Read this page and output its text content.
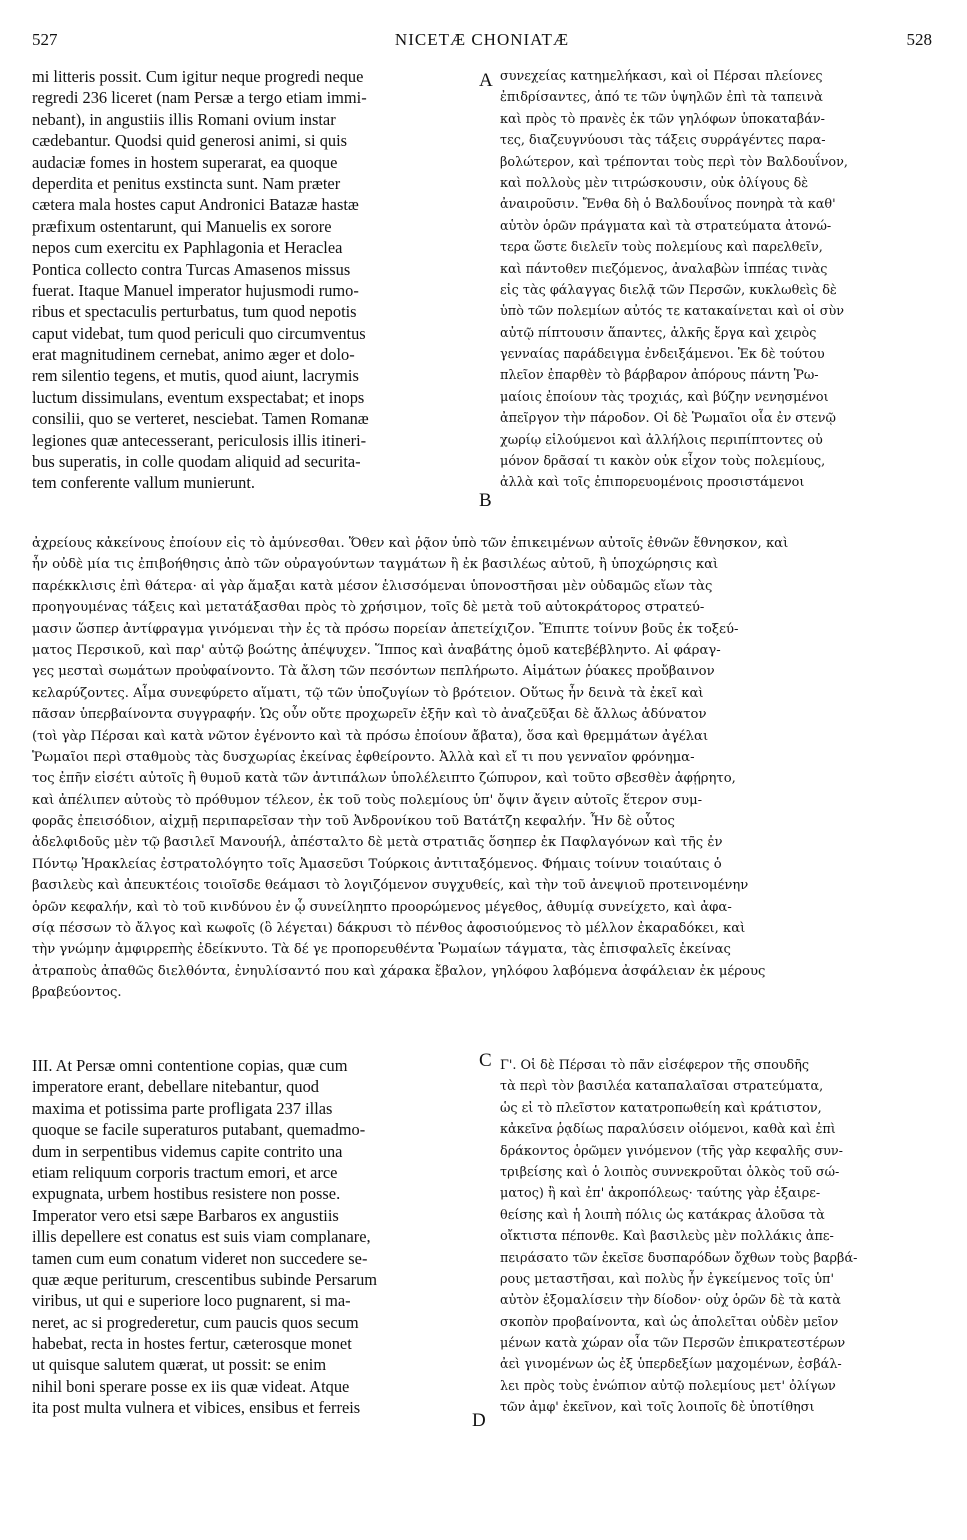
527	NICETÆ CHONIATÆ	528
A
B
C
D
mi litteris possit. Cum igitur neque progredi neque
regredi 236 liceret (nam Persæ a tergo etiam immi-
nebant), in angustiis illis Romani ovium instar
cædebantur. Quodsi quid generosi animi, si quis
audaciæ fomes in hostem superarat, ea quoque
deperdita et penitus exstincta sunt. Nam præter
cætera mala hostes caput Andronici Batazæ hastæ
præfixum ostentarunt, qui Manuelis ex sorore
nepos cum exercitu ex Paphlagonia et Heraclea
Pontica collecto contra Turcas Amasenos missus
fuerat. Itaque Manuel imperator hujusmodi rumo-
ribus et spectaculis perturbatus, tum quod nepotis
caput videbat, tum quod periculi quo circumventus
erat magnitudinem cernebat, animo æger et dolo-
rem silentio tegens, et mutis, quod aiunt, lacrymis
luctum dissimulans, eventum exspectabat; et inops
consilii, quo se verteret, nesciebat. Tamen Romanæ
legiones quæ antecesserant, periculosis illis itineri-
bus superatis, in colle quodam aliquid ad securita-
tem conferente vallum munierunt.
συνεχείας κατημελήκασι, καὶ οἱ Πέρσαι πλείονες
ἐπιδρίσαντες, ἀπό τε τῶν ὑψηλῶν ἐπὶ τὰ ταπεινὰ
καὶ πρὸς τὸ πρανὲς ἐκ τῶν γηλόφων ὑποκαταβάν-
τες, διαζευγνύουσι τὰς τάξεις συρράγέντες παρα-
βολώτερον, καὶ τρέπονται τοὺς περὶ τὸν Βαλδουΐνον,
καὶ πολλοὺς μὲν τιτρώσκουσιν, οὐκ ὀλίγους δὲ
ἀναιροῦσιν. Ἔνθα δὴ ὁ Βαλδουΐνος πονηρὰ τὰ καθ'
αὑτὸν ὁρῶν πράγματα καὶ τὰ στρατεύματα ἀτονώ-
τερα ὥστε διελεῖν τοὺς πολεμίους καὶ παρελθεῖν,
καὶ πάντοθεν πιεζόμενος, ἀναλαβὼν ἱππέας τινὰς
εἰς τὰς φάλαγγας διελᾷ τῶν Περσῶν, κυκλωθεὶς δὲ
ὑπὸ τῶν πολεμίων αὐτός τε κατακαίνεται καὶ οἱ σὺν
αὐτῷ πίπτουσιν ἅπαντες, ἀλκῆς ἔργα καὶ χειρὸς
γενναίας παράδειγμα ἐνδειξάμενοι. Ἐκ δὲ τούτου
πλεῖον ἐπαρθὲν τὸ βάρβαρον ἀπόρους πάντη Ῥω-
μαίοις ἐποίουν τὰς τροχιάς, καὶ βύζην νενησμένοι
ἀπεῖργον τὴν πάροδον. Οἱ δὲ Ῥωμαῖοι οἷα ἐν στενῷ
χωρίῳ εἱλούμενοι καὶ ἀλλήλοις περιπίπτοντες οὐ
μόνον δρᾶσαί τι κακὸν οὐκ εἶχον τοὺς πολεμίους,
ἀλλὰ καὶ τοῖς ἐπιπορευομένοις προσιστάμενοι
ἀχρείους κἀκείνους ἐποίουν εἰς τὸ ἀμύνεσθαι. Ὅθεν καὶ ῥᾷον ὑπὸ τῶν ἐπικειμένων αὐτοῖς ἐθνῶν ἔθνησκον, καὶ
ἦν οὐδὲ μία τις ἐπιβοήθησις ἀπὸ τῶν οὐραγούντων ταγμάτων ἢ ἐκ βασιλέως αὐτοῦ, ἢ ὑποχώρησις καὶ
παρέκκλισις ἐπὶ θάτερα· αἱ γὰρ ἅμαξαι κατὰ μέσον ἑλισσόμεναι ὑπονοστῆσαι μὲν οὐδαμῶς εἴων τὰς
προηγουμένας τάξεις καὶ μετατάξασθαι πρὸς τὸ χρήσιμον, τοῖς δὲ μετὰ τοῦ αὐτοκράτορος στρατεύ-
μασιν ὥσπερ ἀντίφραγμα γινόμεναι τὴν ἐς τὰ πρόσω πορείαν ἀπετείχιζον. Ἔπιπτε τοίνυν βοῦς ἐκ τοξεύ-
ματος Περσικοῦ, καὶ παρ' αὐτῷ βοώτης ἀπέψυχεν. Ἵππος καὶ ἀναβάτης ὁμοῦ κατεβέβληντο. Αἱ φάραγ-
γες μεσταὶ σωμάτων προὐφαίνοντο. Τὰ ἄλση τῶν πεσόντων πεπλήρωτο. Αἱμάτων ῥύακες προὔβαινον
κελαρύζοντες. Αἷμα συνεφύρετο αἵματι, τῷ τῶν ὑποζυγίων τὸ βρότειον. Οὕτως ἦν δεινὰ τὰ ἐκεῖ καὶ
πᾶσαν ὑπερβαίνοντα συγγραφήν. Ὡς οὖν οὔτε προχωρεῖν ἐξῆν καὶ τὸ ἀναζεῦξαι δὲ ἄλλως ἀδύνατον
(τοὶ γὰρ Πέρσαι καὶ κατὰ νῶτον ἐγένοντο καὶ τὰ πρόσω ἐποίουν ἄβατα), ὅσα καὶ θρεμμάτων ἀγέλαι
Ῥωμαῖοι περὶ σταθμοὺς τὰς δυσχωρίας ἐκείνας ἐφθείροντο. Ἀλλὰ καὶ εἴ τι που γενναῖον φρόνημα-
τος ἐπῆν εἰσέτι αὐτοῖς ἢ θυμοῦ κατὰ τῶν ἀντιπάλων ὑπολέλειπτο ζώπυρον, καὶ τοῦτο σβεσθὲν ἀφῄρητο,
καὶ ἀπέλιπεν αὐτοὺς τὸ πρόθυμον τέλεον, ἐκ τοῦ τοὺς πολεμίους ὑπ' ὄψιν ἄγειν αὐτοῖς ἕτερον συμ-
φορᾶς ἐπεισόδιον, αἰχμῇ περιπαρεῖσαν τὴν τοῦ Ἀνδρονίκου τοῦ Βατάτζη κεφαλήν. Ἦν δὲ οὗτος
ἀδελφιδοῦς μὲν τῷ βασιλεῖ Μανουήλ, ἀπέσταλτο δὲ μετὰ στρατιᾶς ὅσηπερ ἐκ Παφλαγόνων καὶ τῆς ἐν
Πόντῳ Ἡρακλείας ἐστρατολόγητο τοῖς Ἀμασεῦσι Τούρκοις ἀντιταξόμενος. Φήμαις τοίνυν τοιαύταις ὁ
βασιλεὺς καὶ ἀπευκτέοις τοιοῖσδε θεάμασι τὸ λογιζόμενον συγχυθείς, καὶ τὴν τοῦ ἀνεψιοῦ προτεινομένην
ὁρῶν κεφαλήν, καὶ τὸ τοῦ κινδύνου ἐν ᾧ συνείληπτο προορώμενος μέγεθος, ἀθυμίᾳ συνείχετο, καὶ ἀφα-
σίᾳ πέσσων τὸ ἄλγος καὶ κωφοῖς (ὃ λέγεται) δάκρυσι τὸ πένθος ἀφοσιούμενος τὸ μέλλον ἐκαραδόκει, καὶ
τὴν γνώμην ἀμφιρρεπὴς ἐδείκνυτο. Τὰ δέ γε προπορευθέντα Ῥωμαίων τάγματα, τὰς ἐπισφαλεῖς ἐκείνας
ἀτραποὺς ἀπαθῶς διελθόντα, ἐνηυλίσαντό που καὶ χάρακα ἔβαλον, γηλόφου λαβόμενα ἀσφάλειαν ἐκ μέρους
βραβεύοντος.
III. At Persæ omni contentione copias, quæ cum
imperatore erant, debellare nitebantur, quod
maxima et potissima parte profligata 237 illas
quoque se facile superaturos putabant, quemadmo-
dum in serpentibus videmus capite contrito una
etiam reliquum corporis tractum emori, et arce
expugnata, urbem hostibus resistere non posse.
Imperator vero etsi sæpe Barbaros ex angustiis
illis depellere est conatus est suis viam complanare,
tamen cum eum conatum videret non succedere se-
quæ æque periturum, crescentibus subinde Persarum
viribus, ut qui e superiore loco pugnarent, si ma-
neret, ac si progrederetur, cum paucis quos secum
habebat, recta in hostes fertur, cæterosque monet
ut quisque salutem quærat, ut possit: se enim
nihil boni sperare posse ex iis quæ videat. Atque
ita post multa vulnera et vibices, ensibus et ferreis
Γ'. Οἱ δὲ Πέρσαι τὸ πᾶν εἰσέφερον τῆς σπουδῆς
τὰ περὶ τὸν βασιλέα καταπαλαῖσαι στρατεύματα,
ὡς εἰ τὸ πλεῖστον κατατροπωθείη καὶ κράτιστον,
κἀκεῖνα ῥᾳδίως παραλύσειν οἰόμενοι, καθὰ καὶ ἐπὶ
δράκοντος ὁρῶμεν γινόμενον (τῆς γὰρ κεφαλῆς συν-
τριβείσης καὶ ὁ λοιπὸς συννεκροῦται ὁλκὸς τοῦ σώ-
ματος) ἢ καὶ ἐπ' ἀκροπόλεως· ταύτης γὰρ ἐξαιρε-
θείσης καὶ ἡ λοιπὴ πόλις ὡς κατάκρας ἁλοῦσα τὰ
οἴκτιστα πέπονθε. Καὶ βασιλεὺς μὲν πολλάκις ἀπε-
πειράσατο τῶν ἐκεῖσε δυσπαρόδων ὄχθων τοὺς βαρβά-
ρους μεταστῆσαι, καὶ πολὺς ἦν ἐγκείμενος τοῖς ὑπ'
αὐτὸν ἐξομαλίσειν τὴν δίοδον· οὐχ ὁρῶν δὲ τὰ κατὰ
σκοπὸν προβαίνοντα, καὶ ὡς ἀπολεῖται οὐδὲν μεῖον
μένων κατὰ χώραν οἷα τῶν Περσῶν ἐπικρατεστέρων
ἀεὶ γινομένων ὡς ἐξ ὑπερδεξίων μαχομένων, ἐσβάλ-
λει πρὸς τοὺς ἐνώπιον αὐτῷ πολεμίους μετ' ὀλίγων
τῶν ἀμφ' ἐκεῖνον, καὶ τοῖς λοιποῖς δὲ ὑποτίθησι
